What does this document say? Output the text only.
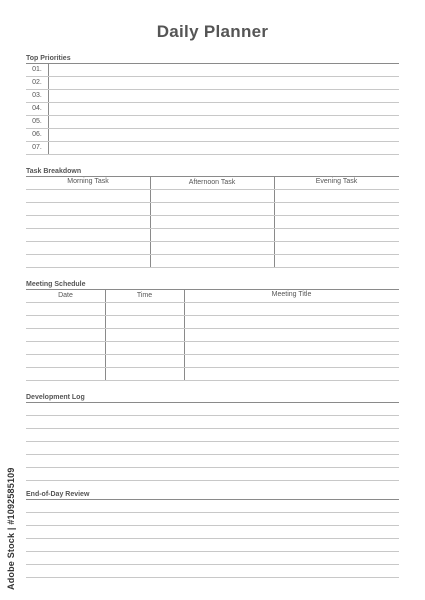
Daily Planner
Top Priorities
01.
02.
03.
04.
05.
06.
07.
Task Breakdown
Morning Task	Afternoon Task	Evening Task
Meeting Schedule
Date	Time	Meeting Title
Development Log
End-of-Day Review
Adobe Stock | #1092585109
